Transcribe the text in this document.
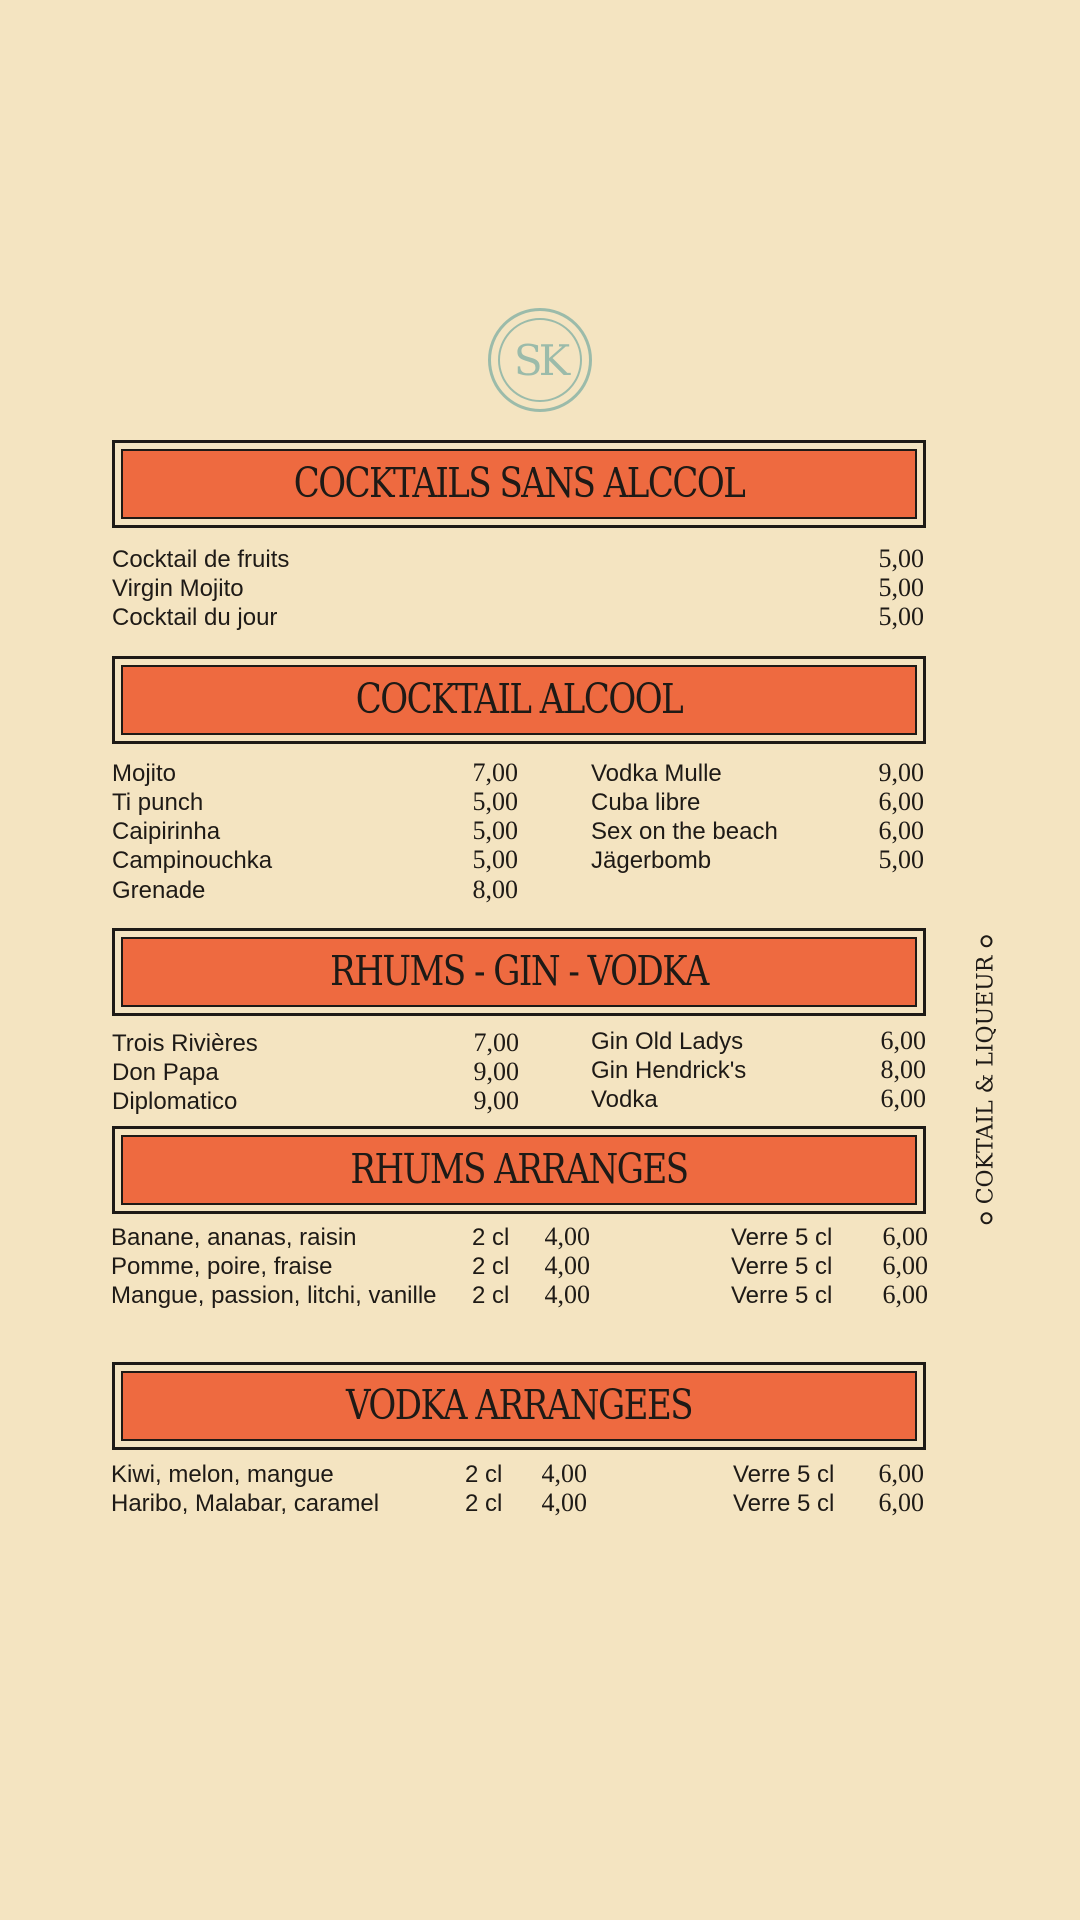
SK
COCKTAILS SANS ALCCOL
Cocktail de fruits	5,00
Virgin Mojito	5,00
Cocktail du jour	5,00
COCKTAIL ALCOOL
Mojito	7,00
Ti punch	5,00
Caipirinha	5,00
Campinouchka	5,00
Grenade	8,00
Vodka Mulle	9,00
Cuba libre	6,00
Sex on the beach	6,00
Jägerbomb	5,00
RHUMS - GIN - VODKA
Trois Rivières	7,00
Don Papa	9,00
Diplomatico	9,00
Gin Old Ladys	6,00
Gin Hendrick's	8,00
Vodka	6,00
RHUMS ARRANGES
Banane, ananas, raisin	2 cl	4,00	Verre 5 cl	6,00
Pomme, poire, fraise	2 cl	4,00	Verre 5 cl	6,00
Mangue, passion, litchi, vanille 2 cl	4,00	Verre 5 cl	6,00
VODKA ARRANGEES
Kiwi, melon, mangue	2 cl	4,00	Verre 5 cl	6,00
Haribo, Malabar, caramel	2 cl	4,00	Verre 5 cl	6,00
COKTAIL & LIQUEUR
